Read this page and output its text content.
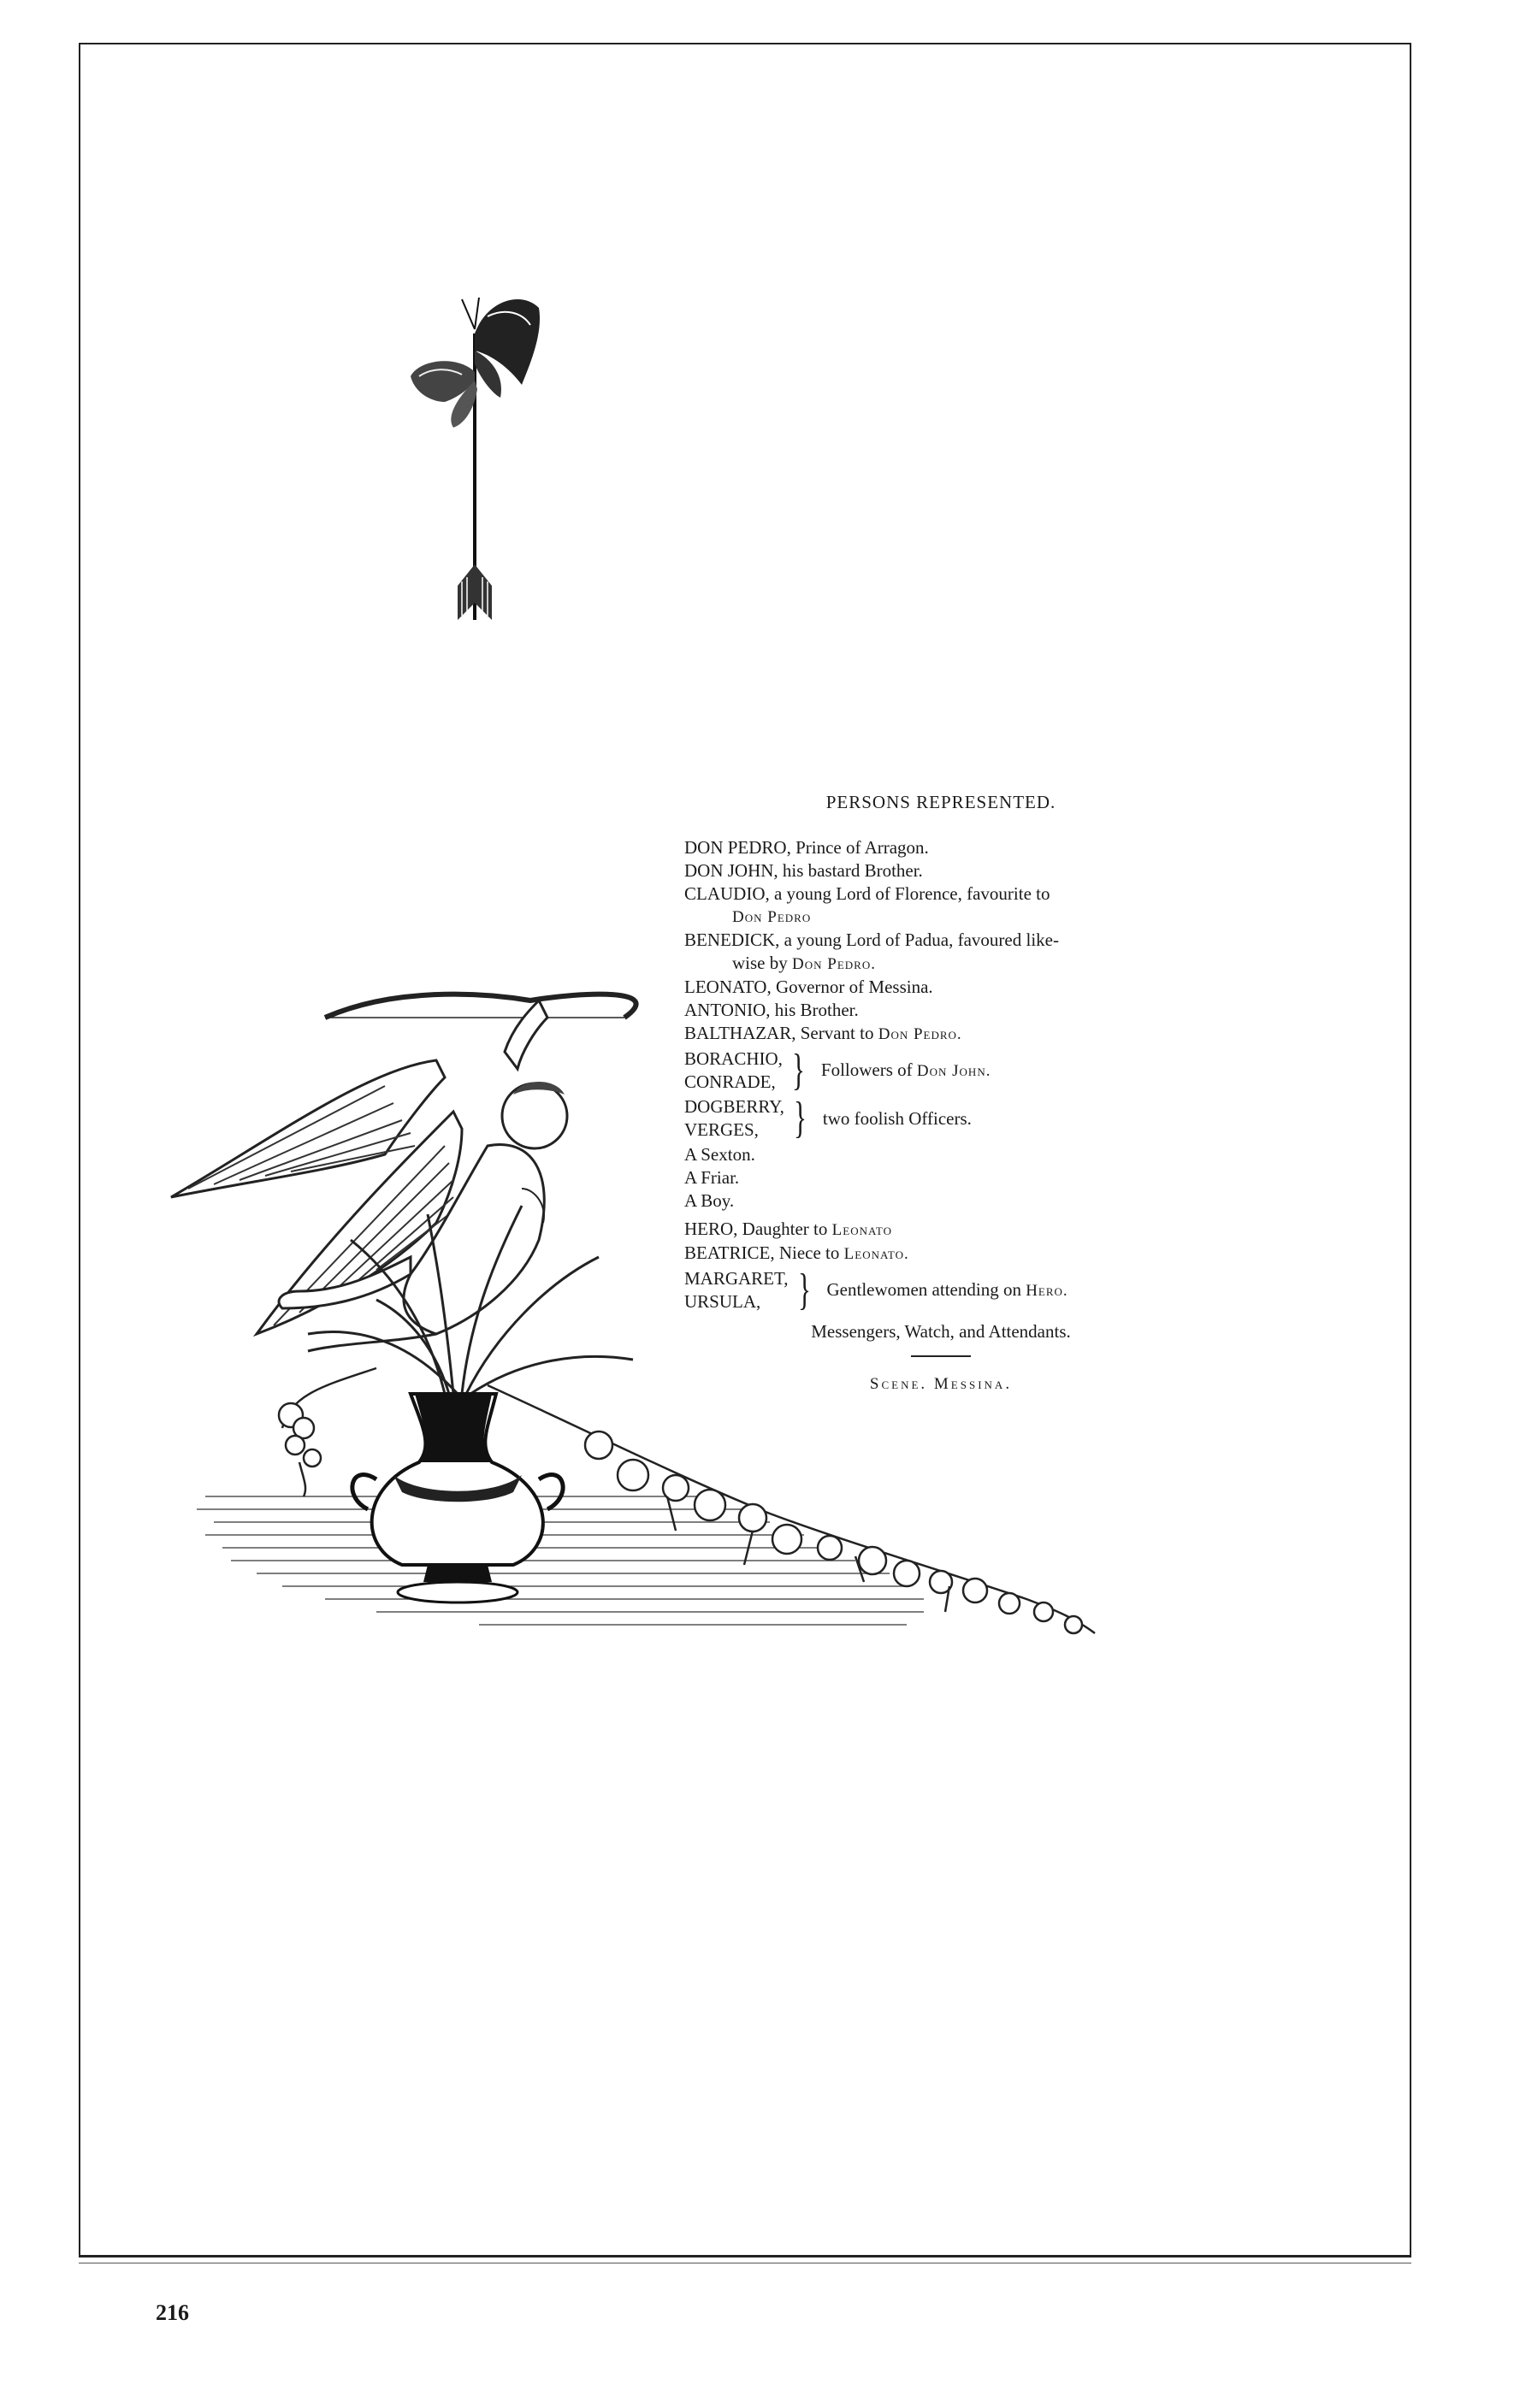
PERSONS REPRESENTED.
DON PEDRO, Prince of Arragon.
DON JOHN, his bastard Brother.
CLAUDIO, a young Lord of Florence, favourite to
Don Pedro
BENEDICK, a young Lord of Padua, favoured like-
wise by Don Pedro.
LEONATO, Governor of Messina.
ANTONIO, his Brother.
BALTHAZAR, Servant to Don Pedro.
BORACHIO,
CONRADE, } Followers of Don John.
DOGBERRY,
VERGES, } two foolish Officers.
A Sexton.
A Friar.
A Boy.
HERO, Daughter to Leonato
BEATRICE, Niece to Leonato.
MARGARET,
URSULA, } Gentlewomen attending on Hero.
Messengers, Watch, and Attendants.
Scene. Messina.
216
